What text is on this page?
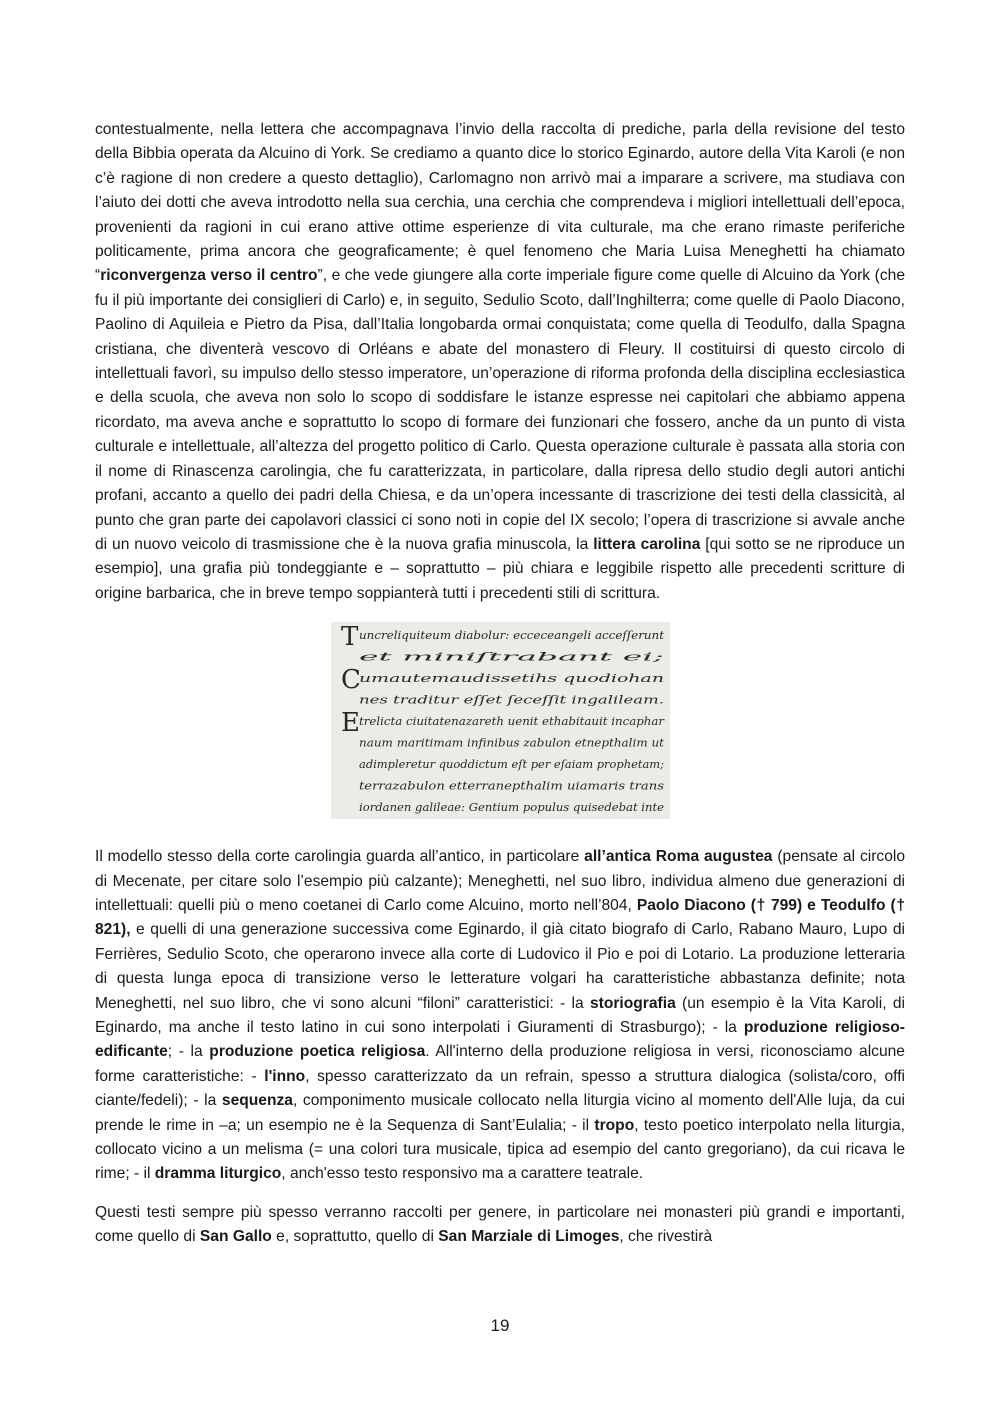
contestualmente, nella lettera che accompagnava l’invio della raccolta di prediche, parla della revisione del testo della Bibbia operata da Alcuino di York. Se crediamo a quanto dice lo storico Eginardo, autore della Vita Karoli (e non c’è ragione di non credere a questo dettaglio), Carlomagno non arrivò mai a imparare a scrivere, ma studiava con l’aiuto dei dotti che aveva introdotto nella sua cerchia, una cerchia che comprendeva i migliori intellettuali dell’epoca, provenienti da ragioni in cui erano attive ottime esperienze di vita culturale, ma che erano rimaste periferiche politicamente, prima ancora che geograficamente; è quel fenomeno che Maria Luisa Meneghetti ha chiamato “riconvergenza verso il centro”, e che vede giungere alla corte imperiale figure come quelle di Alcuino da York (che fu il più importante dei consiglieri di Carlo) e, in seguito, Sedulio Scoto, dall’Inghilterra; come quelle di Paolo Diacono, Paolino di Aquileia e Pietro da Pisa, dall’Italia longobarda ormai conquistata; come quella di Teodulfo, dalla Spagna cristiana, che diventerà vescovo di Orléans e abate del monastero di Fleury. Il costituirsi di questo circolo di intellettuali favorì, su impulso dello stesso imperatore, un’operazione di riforma profonda della disciplina ecclesiastica e della scuola, che aveva non solo lo scopo di soddisfare le istanze espresse nei capitolari che abbiamo appena ricordato, ma aveva anche e soprattutto lo scopo di formare dei funzionari che fossero, anche da un punto di vista culturale e intellettuale, all’altezza del progetto politico di Carlo. Questa operazione culturale è passata alla storia con il nome di Rinascenza carolingia, che fu caratterizzata, in particolare, dalla ripresa dello studio degli autori antichi profani, accanto a quello dei padri della Chiesa, e da un’opera incessante di trascrizione dei testi della classicità, al punto che gran parte dei capolavori classici ci sono noti in copie del IX secolo; l’opera di trascrizione si avvale anche di un nuovo veicolo di trasmissione che è la nuova grafia minuscola, la littera carolina [qui sotto se ne riproduce un esempio], una grafia più tondeggiante e – soprattutto – più chiara e leggibile rispetto alle precedenti scritture di origine barbarica, che in breve tempo soppianterà tutti i precedenti stili di scrittura.

T uncreliquiteum diabolur: ecceceangeli acceſſerunt
et miniſtrabant ei;
C
umautemaudissetihs quodiohan
nes traditur eſſet ſeceſſit ingalileam.
E trelicta ciuitatenazareth uenit ethabitauit incaphar
naum maritimam infinibus zabulon etnepthalim ut
adimpleretur quoddictum eſt per eſaiam prophetam;
terrazabulon etterranepthalim uiamaris trans
iordanen galileae: Gentium populus quisedebat inte

Il modello stesso della corte carolingia guarda all’antico, in particolare all’antica Roma augustea (pensate al circolo di Mecenate, per citare solo l’esempio più calzante); Meneghetti, nel suo libro, individua almeno due generazioni di intellettuali: quelli più o meno coetanei di Carlo come Alcuino, morto nell’804, Paolo Diacono († 799) e Teodulfo († 821), e quelli di una generazione successiva come Eginardo, il già citato biografo di Carlo, Rabano Mauro, Lupo di Ferrières, Sedulio Scoto, che operarono invece alla corte di Ludovico il Pio e poi di Lotario. La produzione letteraria di questa lunga epoca di transizione verso le letterature volgari ha caratteristiche abbastanza definite; nota Meneghetti, nel suo libro, che vi sono alcuni “filoni” caratteristici: - la storiografia (un esempio è la Vita Karoli, di Eginardo, ma anche il testo latino in cui sono interpolati i Giuramenti di Strasburgo); - la produzione religioso-edificante; - la produzione poetica religiosa. All'interno della produzione religiosa in versi, riconosciamo alcune forme caratteristiche: - l'inno, spesso caratterizzato da un refrain, spesso a struttura dialogica (solista/coro, offi ciante/fedeli); - la sequenza, componimento musicale collocato nella liturgia vicino al momento dell'Alle luja, da cui prende le rime in –a; un esempio ne è la Sequenza di Sant’Eulalia; - il tropo, testo poetico interpolato nella liturgia, collocato vicino a un melisma (= una colori tura musicale, tipica ad esempio del canto gregoriano), da cui ricava le rime; - il dramma liturgico, anch'esso testo responsivo ma a carattere teatrale.

Questi testi sempre più spesso verranno raccolti per genere, in particolare nei monasteri più grandi e importanti, come quello di San Gallo e, soprattutto, quello di San Marziale di Limoges, che rivestirà

19
